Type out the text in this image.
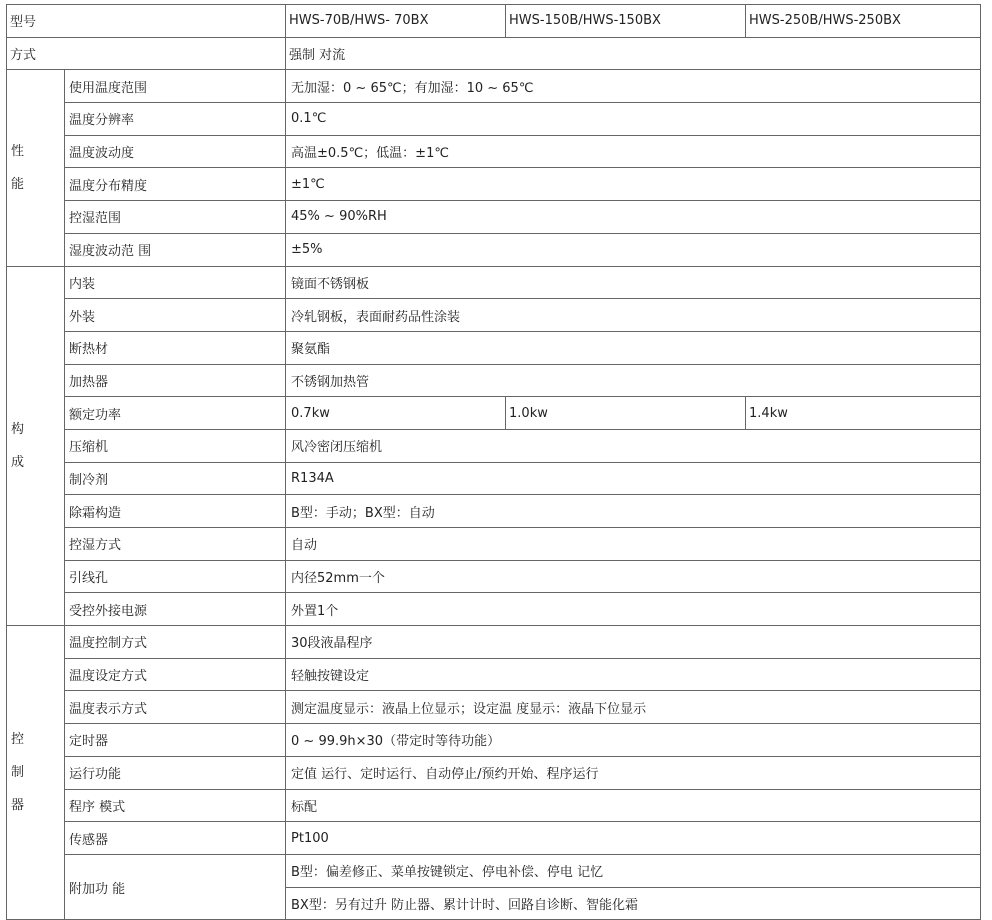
型号		HWS-70B/HWS- 70BX	HWS-150B/HWS-150BX	HWS-250B/HWS-250BX
方式		强制 对流		

性
能	使用温度范围	无加湿：0 ~ 65℃；有加湿：10 ~ 65℃		
	温度分辨率	0.1℃		
	温度波动度	高温±0.5℃；低温：±1℃		
	温度分布精度	±1℃		
	控湿范围	45% ~ 90%RH		
	湿度波动范 围	±5%		

构
成	内装	镜面不锈钢板		
	外装	冷轧钢板，表面耐药品性涂装		
	断热材	聚氨酯		
	加热器	不锈钢加热管		
	额定功率	0.7kw	1.0kw	1.4kw
	压缩机	风冷密闭压缩机		
	制冷剂	R134A		
	除霜构造	B型：手动；BX型：自动		
	控湿方式	自动		
	引线孔	内径52mm一个		
	受控外接电源	外置1个		

控
制
器	温度控制方式	30段液晶程序		
	温度设定方式	轻触按键设定		
	温度表示方式	测定温度显示：液晶上位显示；设定温 度显示：液晶下位显示		
	定时器	0 ~ 99.9h×30（带定时等待功能）		
	运行功能	定值 运行、定时运行、自动停止/预约开始、程序运行		
	程序 模式	标配		
	传感器	Pt100		
	附加功 能	B型：偏差修正、菜单按键锁定、停电补偿、停电 记忆		
		BX型：另有过升 防止器、累计计时、回路自诊断、智能化霜		
